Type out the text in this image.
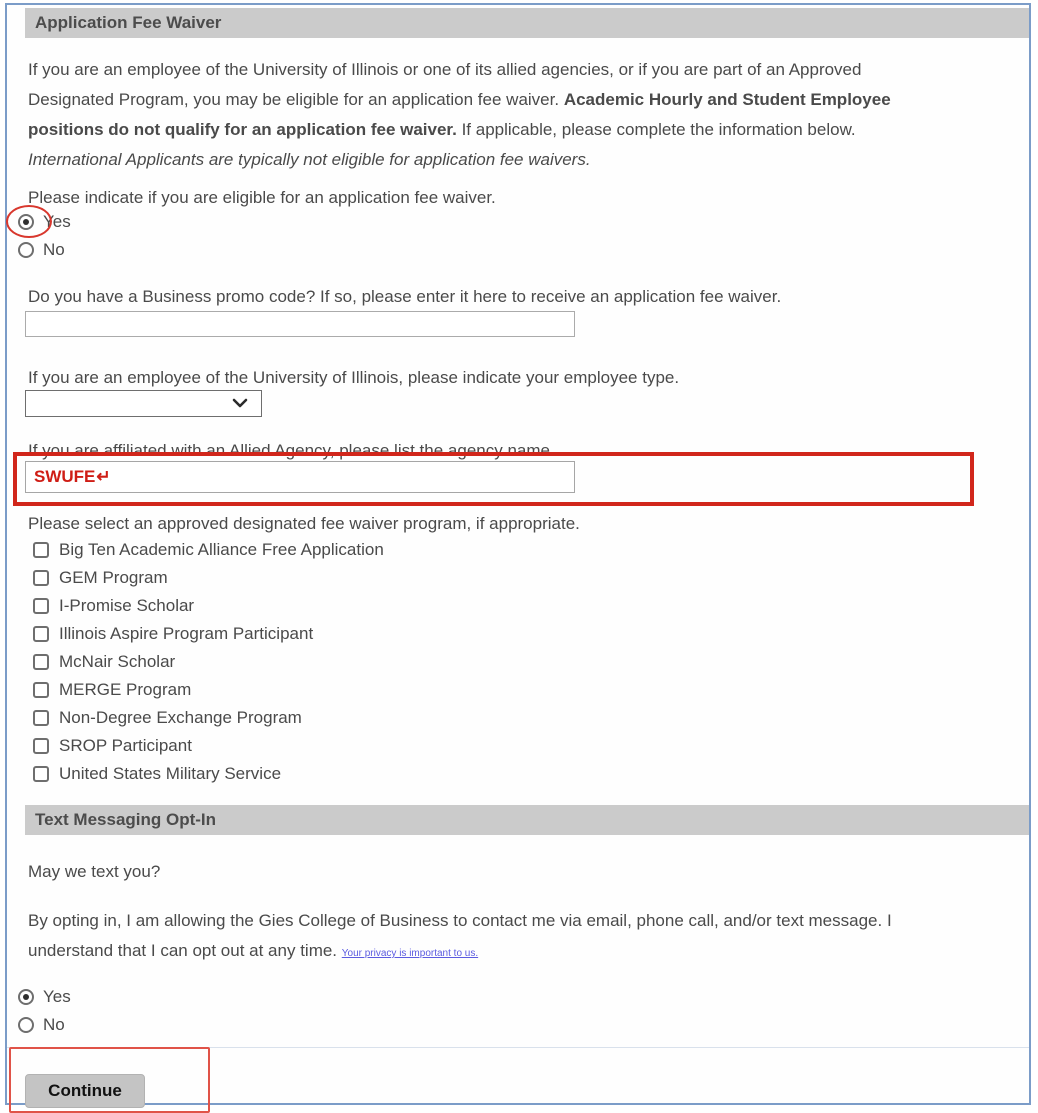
Application Fee Waiver
If you are an employee of the University of Illinois or one of its allied agencies, or if you are part of an Approved
Designated Program, you may be eligible for an application fee waiver. Academic Hourly and Student Employee
positions do not qualify for an application fee waiver. If applicable, please complete the information below.
International Applicants are typically not eligible for application fee waivers.
Please indicate if you are eligible for an application fee waiver.
Yes
No
Do you have a Business promo code? If so, please enter it here to receive an application fee waiver.
If you are an employee of the University of Illinois, please indicate your employee type.
If you are affiliated with an Allied Agency, please list the agency name.
SWUFE ↵
Please select an approved designated fee waiver program, if appropriate.
Big Ten Academic Alliance Free Application
GEM Program
I-Promise Scholar
Illinois Aspire Program Participant
McNair Scholar
MERGE Program
Non-Degree Exchange Program
SROP Participant
United States Military Service
Text Messaging Opt-In
May we text you?
By opting in, I am allowing the Gies College of Business to contact me via email, phone call, and/or text message. I
understand that I can opt out at any time. Your privacy is important to us.
Yes
No
Continue
